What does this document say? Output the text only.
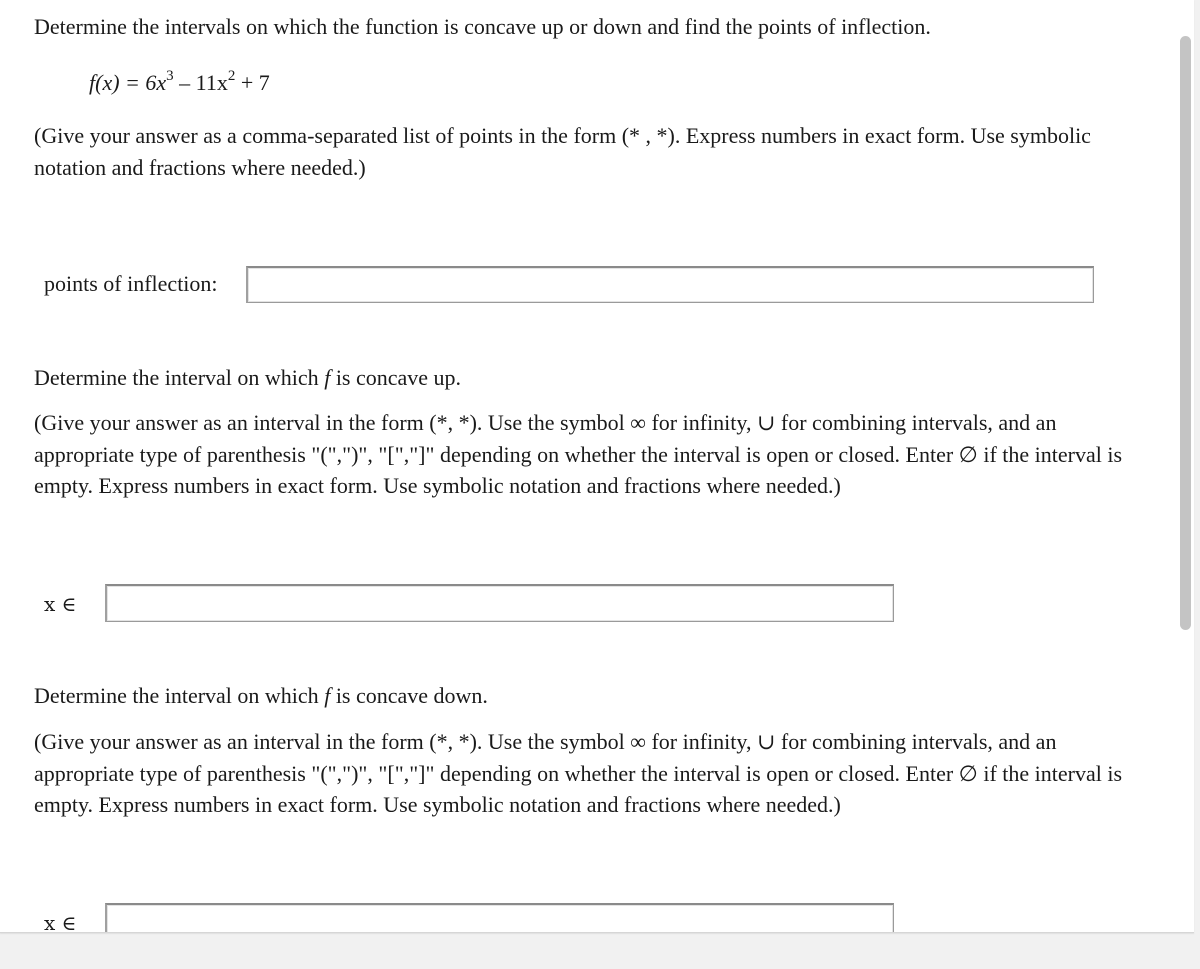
Determine the intervals on which the function is concave up or down and find the points of inflection.

$f(x) = 6x^3 - 11x^2 + 7$

(Give your answer as a comma-separated list of points in the form (* , *). Express numbers in exact form. Use symbolic notation and fractions where needed.)

points of inflection:

Determine the interval on which f is concave up.

(Give your answer as an interval in the form (*, *). Use the symbol ∞ for infinity, ∪ for combining intervals, and an appropriate type of parenthesis "(",")", "[","]" depending on whether the interval is open or closed. Enter ∅ if the interval is empty. Express numbers in exact form. Use symbolic notation and fractions where needed.)

x ∈

Determine the interval on which f is concave down.

(Give your answer as an interval in the form (*, *). Use the symbol ∞ for infinity, ∪ for combining intervals, and an appropriate type of parenthesis "(",")", "[","]" depending on whether the interval is open or closed. Enter ∅ if the interval is empty. Express numbers in exact form. Use symbolic notation and fractions where needed.)

x ∈
